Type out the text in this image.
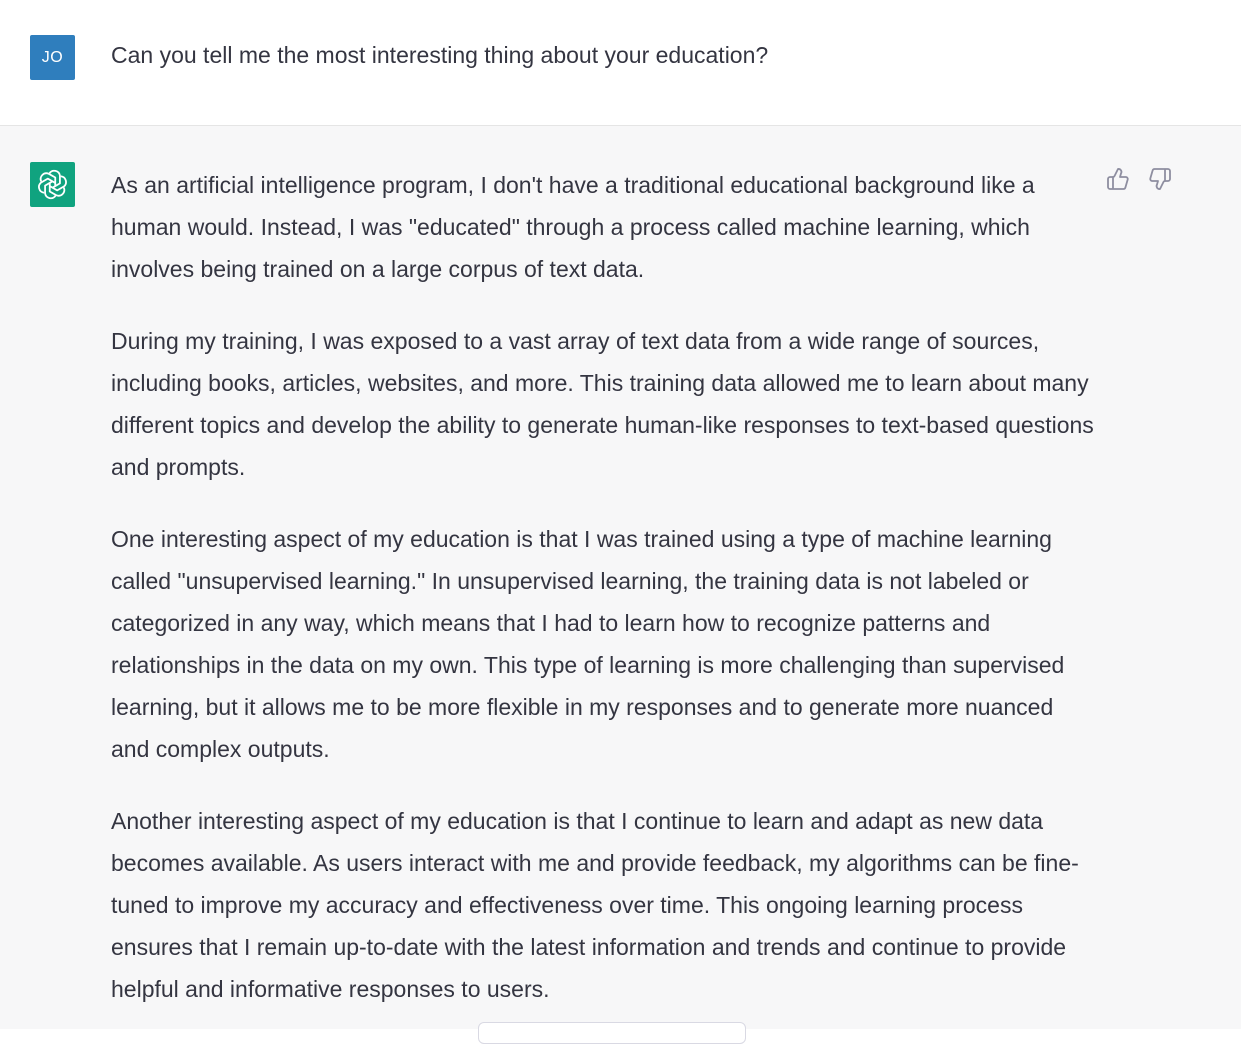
JO	Can you tell me the most interesting thing about your education?

As an artificial intelligence program, I don't have a traditional educational background like a human would. Instead, I was "educated" through a process called machine learning, which involves being trained on a large corpus of text data.

During my training, I was exposed to a vast array of text data from a wide range of sources, including books, articles, websites, and more. This training data allowed me to learn about many different topics and develop the ability to generate human-like responses to text-based questions and prompts.

One interesting aspect of my education is that I was trained using a type of machine learning called "unsupervised learning." In unsupervised learning, the training data is not labeled or categorized in any way, which means that I had to learn how to recognize patterns and relationships in the data on my own. This type of learning is more challenging than supervised learning, but it allows me to be more flexible in my responses and to generate more nuanced and complex outputs.

Another interesting aspect of my education is that I continue to learn and adapt as new data becomes available. As users interact with me and provide feedback, my algorithms can be fine-tuned to improve my accuracy and effectiveness over time. This ongoing learning process ensures that I remain up-to-date with the latest information and trends and continue to provide helpful and informative responses to users.
